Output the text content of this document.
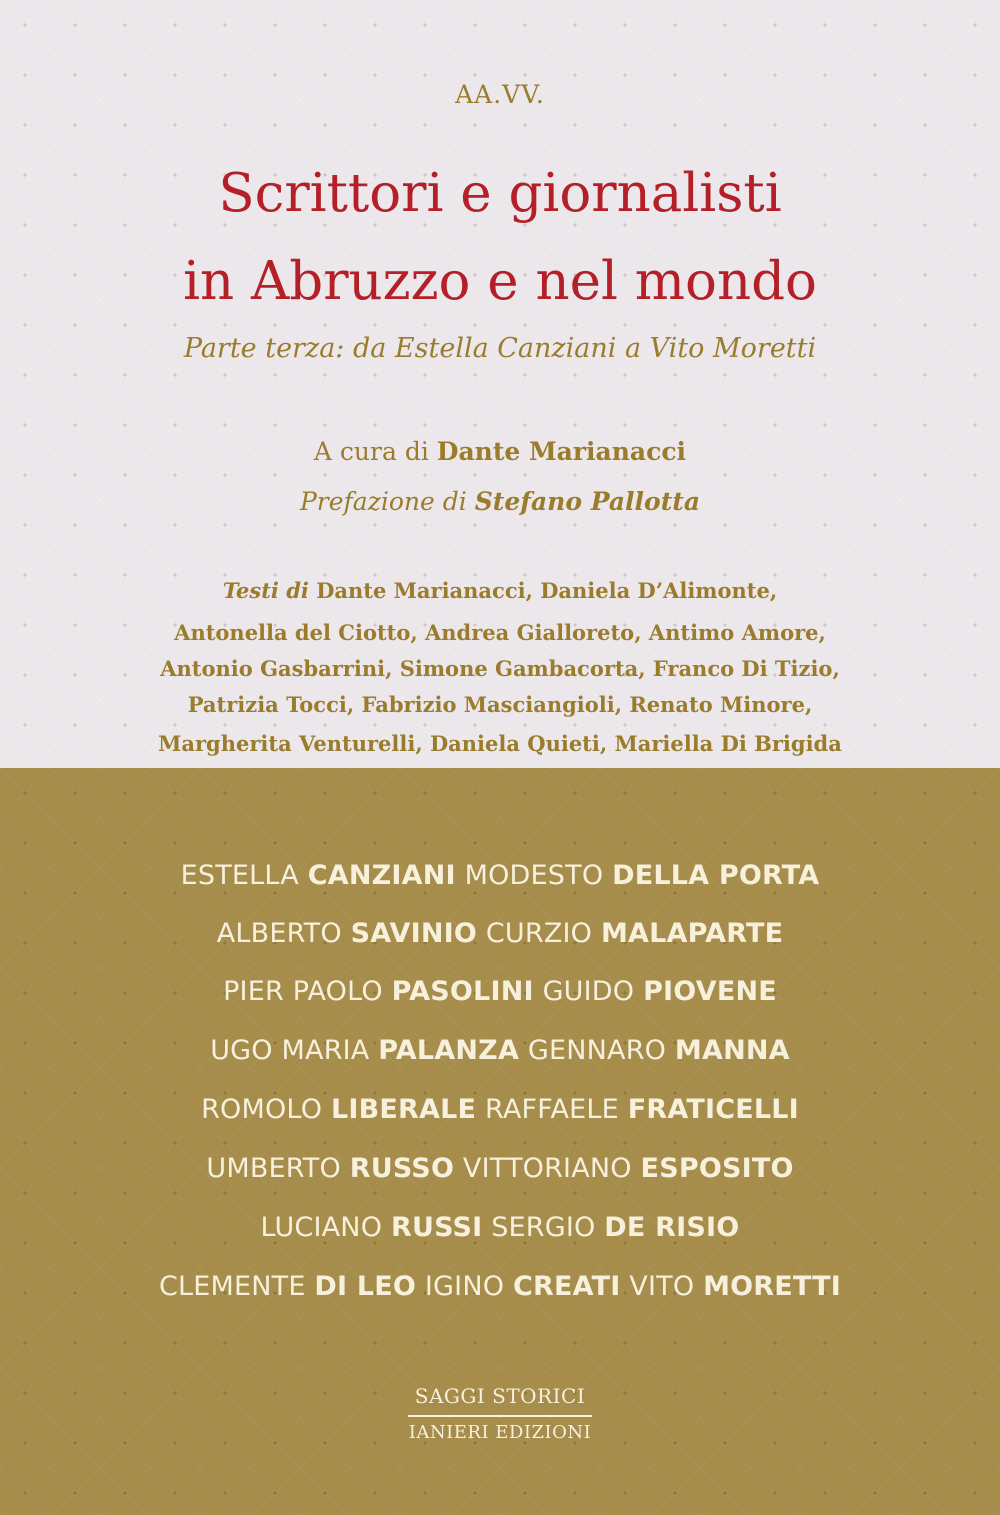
AA.VV.
Scrittori e giornalisti
in Abruzzo e nel mondo
Parte terza: da Estella Canziani a Vito Moretti
A cura di Dante Marianacci
Prefazione di Stefano Pallotta
Testi di Dante Marianacci, Daniela D’Alimonte,
Antonella del Ciotto, Andrea Gialloreto, Antimo Amore,
Antonio Gasbarrini, Simone Gambacorta, Franco Di Tizio,
Patrizia Tocci, Fabrizio Masciangioli, Renato Minore,
Margherita Venturelli, Daniela Quieti, Mariella Di Brigida
ESTELLA CANZIANI MODESTO DELLA PORTA
ALBERTO SAVINIO CURZIO MALAPARTE
PIER PAOLO PASOLINI GUIDO PIOVENE
UGO MARIA PALANZA GENNARO MANNA
ROMOLO LIBERALE RAFFAELE FRATICELLI
UMBERTO RUSSO VITTORIANO ESPOSITO
LUCIANO RUSSI SERGIO DE RISIO
CLEMENTE DI LEO IGINO CREATI VITO MORETTI
SAGGI STORICI
IANIERI EDIZIONI
